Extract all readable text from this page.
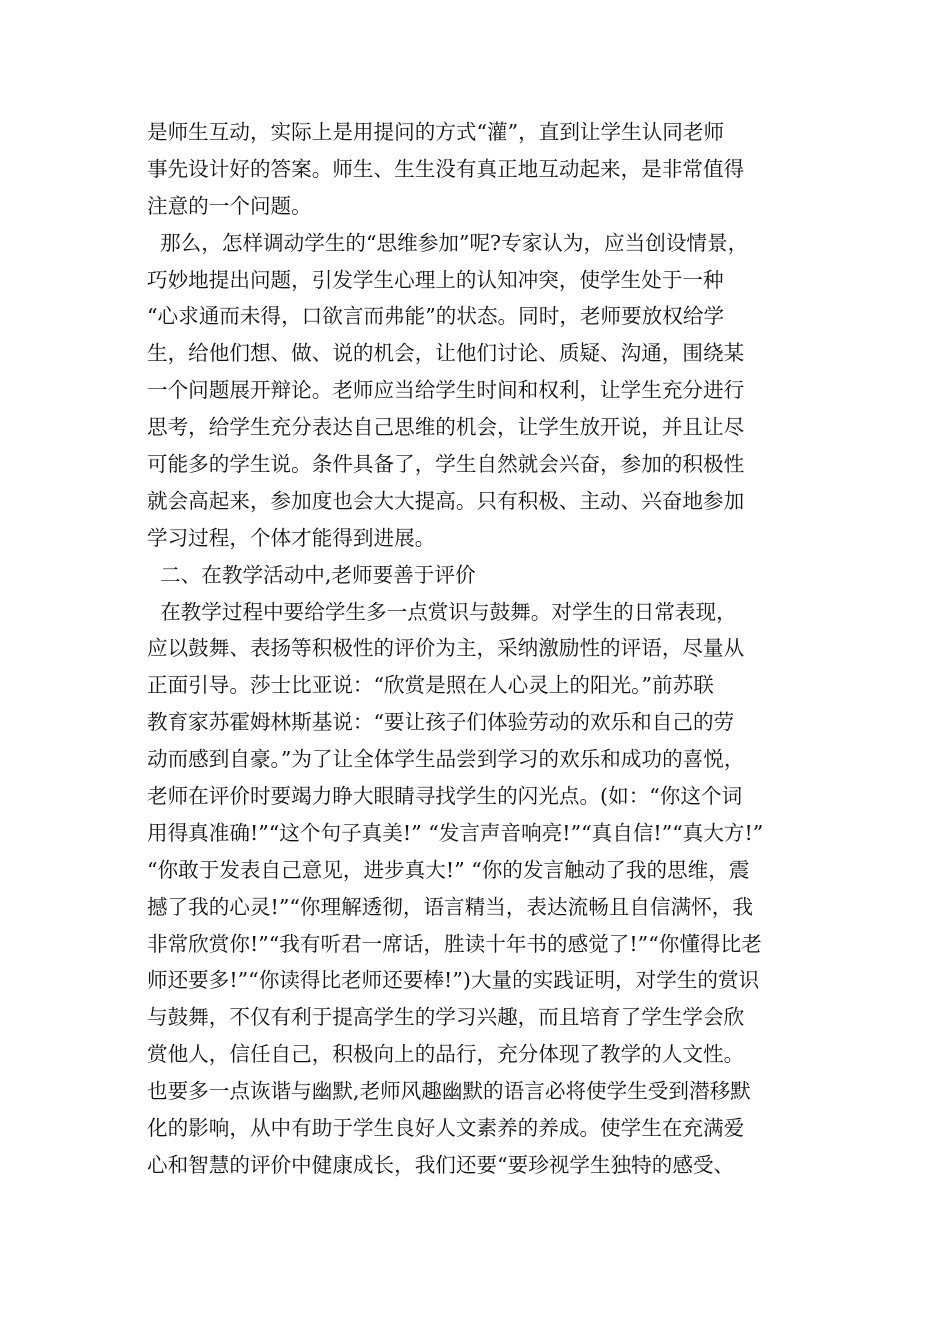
是师生互动，实际上是用提问的方式“灌”，直到让学生认同老师
事先设计好的答案。师生、生生没有真正地互动起来，是非常值得
注意的一个问题。
那么，怎样调动学生的“思维参加”呢?专家认为，应当创设情景，
巧妙地提出问题，引发学生心理上的认知冲突，使学生处于一种
“心求通而未得，口欲言而弗能”的状态。同时，老师要放权给学
生，给他们想、做、说的机会，让他们讨论、质疑、沟通，围绕某
一个问题展开辩论。老师应当给学生时间和权利，让学生充分进行
思考，给学生充分表达自己思维的机会，让学生放开说，并且让尽
可能多的学生说。条件具备了，学生自然就会兴奋，参加的积极性
就会高起来，参加度也会大大提高。只有积极、主动、兴奋地参加
学习过程，个体才能得到进展。
二、在教学活动中,老师要善于评价
在教学过程中要给学生多一点赏识与鼓舞。对学生的日常表现，
应以鼓舞、表扬等积极性的评价为主，采纳激励性的评语，尽量从
正面引导。莎士比亚说：“欣赏是照在人心灵上的阳光。”前苏联
教育家苏霍姆林斯基说：“要让孩子们体验劳动的欢乐和自己的劳
动而感到自豪。”为了让全体学生品尝到学习的欢乐和成功的喜悦，
老师在评价时要竭力睁大眼睛寻找学生的闪光点。(如：“你这个词
用得真准确!”“这个句子真美!” “发言声音响亮!”“真自信!”“真大方!”
“你敢于发表自己意见，进步真大!” “你的发言触动了我的思维，震
撼了我的心灵!”“你理解透彻，语言精当，表达流畅且自信满怀，我
非常欣赏你!”“我有听君一席话，胜读十年书的感觉了!”“你懂得比老
师还要多!”“你读得比老师还要棒!”)大量的实践证明，对学生的赏识
与鼓舞，不仅有利于提高学生的学习兴趣，而且培育了学生学会欣
赏他人，信任自己，积极向上的品行，充分体现了教学的人文性。
也要多一点诙谐与幽默,老师风趣幽默的语言必将使学生受到潜移默
化的影响，从中有助于学生良好人文素养的养成。使学生在充满爱
心和智慧的评价中健康成长，我们还要“要珍视学生独特的感受、
